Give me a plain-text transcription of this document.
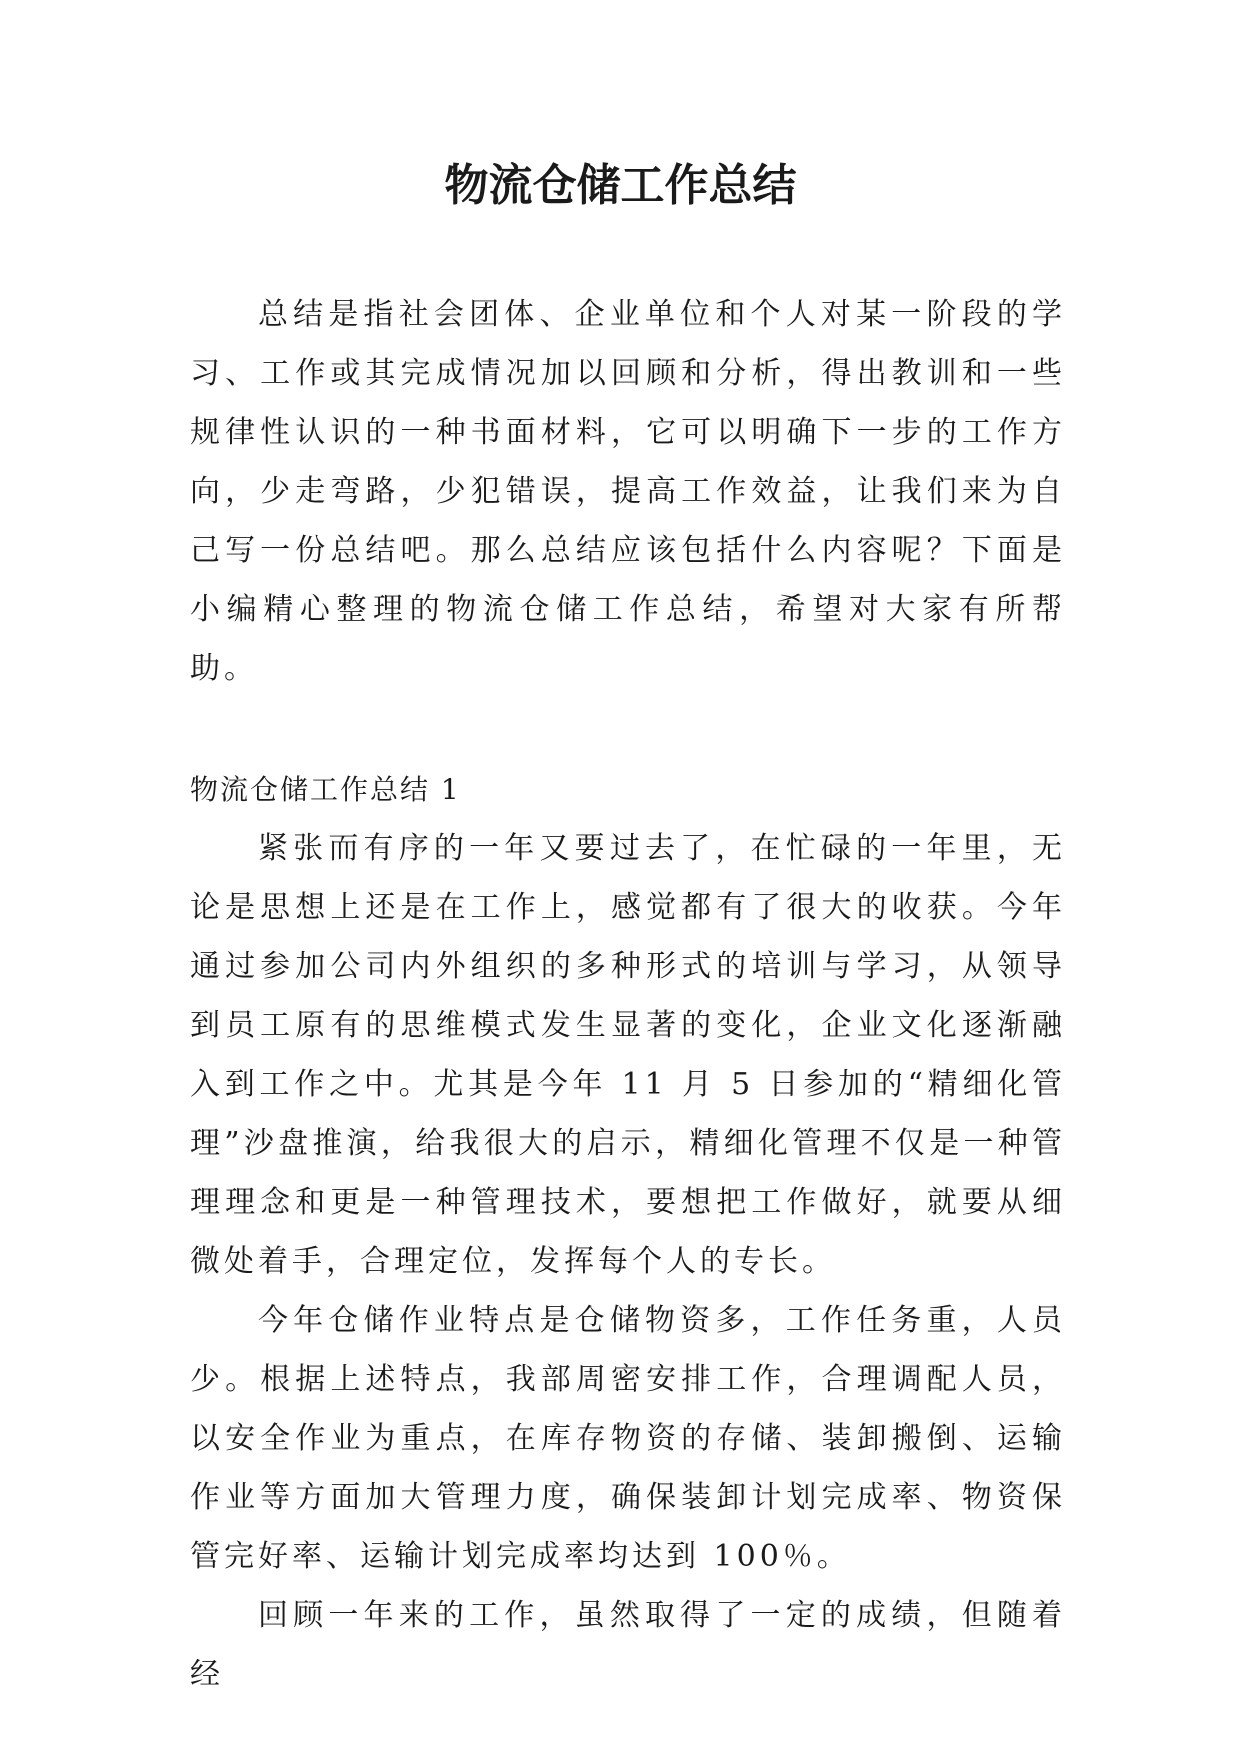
物流仓储工作总结

总结是指社会团体、企业单位和个人对某一阶段的学习、工作或其完成情况加以回顾和分析，得出教训和一些规律性认识的一种书面材料，它可以明确下一步的工作方向，少走弯路，少犯错误，提高工作效益，让我们来为自己写一份总结吧。那么总结应该包括什么内容呢？下面是小编精心整理的物流仓储工作总结，希望对大家有所帮助。

物流仓储工作总结 1

紧张而有序的一年又要过去了，在忙碌的一年里，无论是思想上还是在工作上，感觉都有了很大的收获。今年通过参加公司内外组织的多种形式的培训与学习，从领导到员工原有的思维模式发生显著的变化，企业文化逐渐融入到工作之中。尤其是今年 11 月 5 日参加的“精细化管理”沙盘推演，给我很大的启示，精细化管理不仅是一种管理理念和更是一种管理技术，要想把工作做好，就要从细微处着手，合理定位，发挥每个人的专长。

今年仓储作业特点是仓储物资多，工作任务重，人员少。根据上述特点，我部周密安排工作，合理调配人员，以安全作业为重点，在库存物资的存储、装卸搬倒、运输作业等方面加大管理力度，确保装卸计划完成率、物资保管完好率、运输计划完成率均达到 100％。

回顾一年来的工作，虽然取得了一定的成绩，但随着经
